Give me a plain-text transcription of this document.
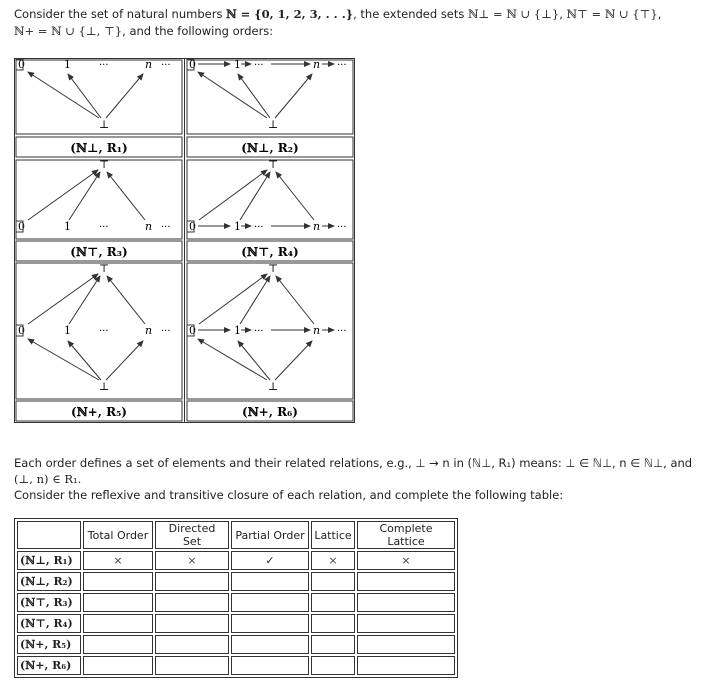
Consider the set of natural numbers ℕ = {0, 1, 2, 3, . . .}, the extended sets ℕ⊥ = ℕ ∪ {⊥}, ℕ⊤ = ℕ ∪ {⊤},
ℕ+ = ℕ ∪ {⊥, ⊤}, and the following orders:
0	1	···	n ···
⊥
(ℕ⊥, R₁)
0	1 ···	n ···
⊥
(ℕ⊥, R₂)
⊤
0	1	···	n ···
(ℕ⊤, R₃)
⊤
0	1 ···	n ···
(ℕ⊤, R₄)
⊤
0	1	···	n ···
⊥
(ℕ+, R₅)
⊤
0	1 ···	n ···
⊥
(ℕ+, R₆)
Each order defines a set of elements and their related relations, e.g., ⊥ → n in (ℕ⊥, R₁) means: ⊥ ∈ ℕ⊥, n ∈ ℕ⊥, and
(⊥, n) ∈ R₁.
Consider the reflexive and transitive closure of each relation, and complete the following table:
	Total Order	Directed Set	Partial Order	Lattice	Complete Lattice
(ℕ⊥, R₁)	×	×	✓	×	×
(ℕ⊥, R₂)					
(ℕ⊤, R₃)					
(ℕ⊤, R₄)					
(ℕ+, R₅)					
(ℕ+, R₆)					
